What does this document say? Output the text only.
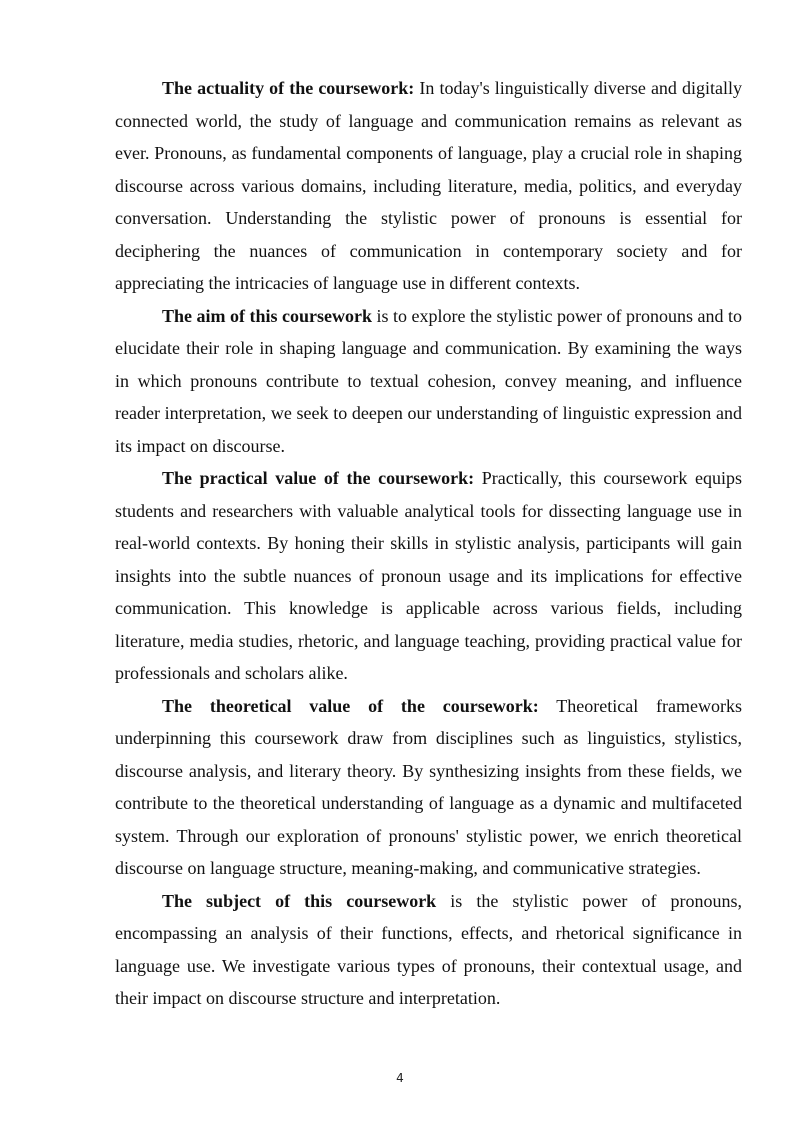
The actuality of the coursework: In today's linguistically diverse and digitally connected world, the study of language and communication remains as relevant as ever. Pronouns, as fundamental components of language, play a crucial role in shaping discourse across various domains, including literature, media, politics, and everyday conversation. Understanding the stylistic power of pronouns is essential for deciphering the nuances of communication in contemporary society and for appreciating the intricacies of language use in different contexts.

The aim of this coursework is to explore the stylistic power of pronouns and to elucidate their role in shaping language and communication. By examining the ways in which pronouns contribute to textual cohesion, convey meaning, and influence reader interpretation, we seek to deepen our understanding of linguistic expression and its impact on discourse.

The practical value of the coursework: Practically, this coursework equips students and researchers with valuable analytical tools for dissecting language use in real-world contexts. By honing their skills in stylistic analysis, participants will gain insights into the subtle nuances of pronoun usage and its implications for effective communication. This knowledge is applicable across various fields, including literature, media studies, rhetoric, and language teaching, providing practical value for professionals and scholars alike.

The theoretical value of the coursework: Theoretical frameworks underpinning this coursework draw from disciplines such as linguistics, stylistics, discourse analysis, and literary theory. By synthesizing insights from these fields, we contribute to the theoretical understanding of language as a dynamic and multifaceted system. Through our exploration of pronouns' stylistic power, we enrich theoretical discourse on language structure, meaning-making, and communicative strategies.

The subject of this coursework is the stylistic power of pronouns, encompassing an analysis of their functions, effects, and rhetorical significance in language use. We investigate various types of pronouns, their contextual usage, and their impact on discourse structure and interpretation.

4
